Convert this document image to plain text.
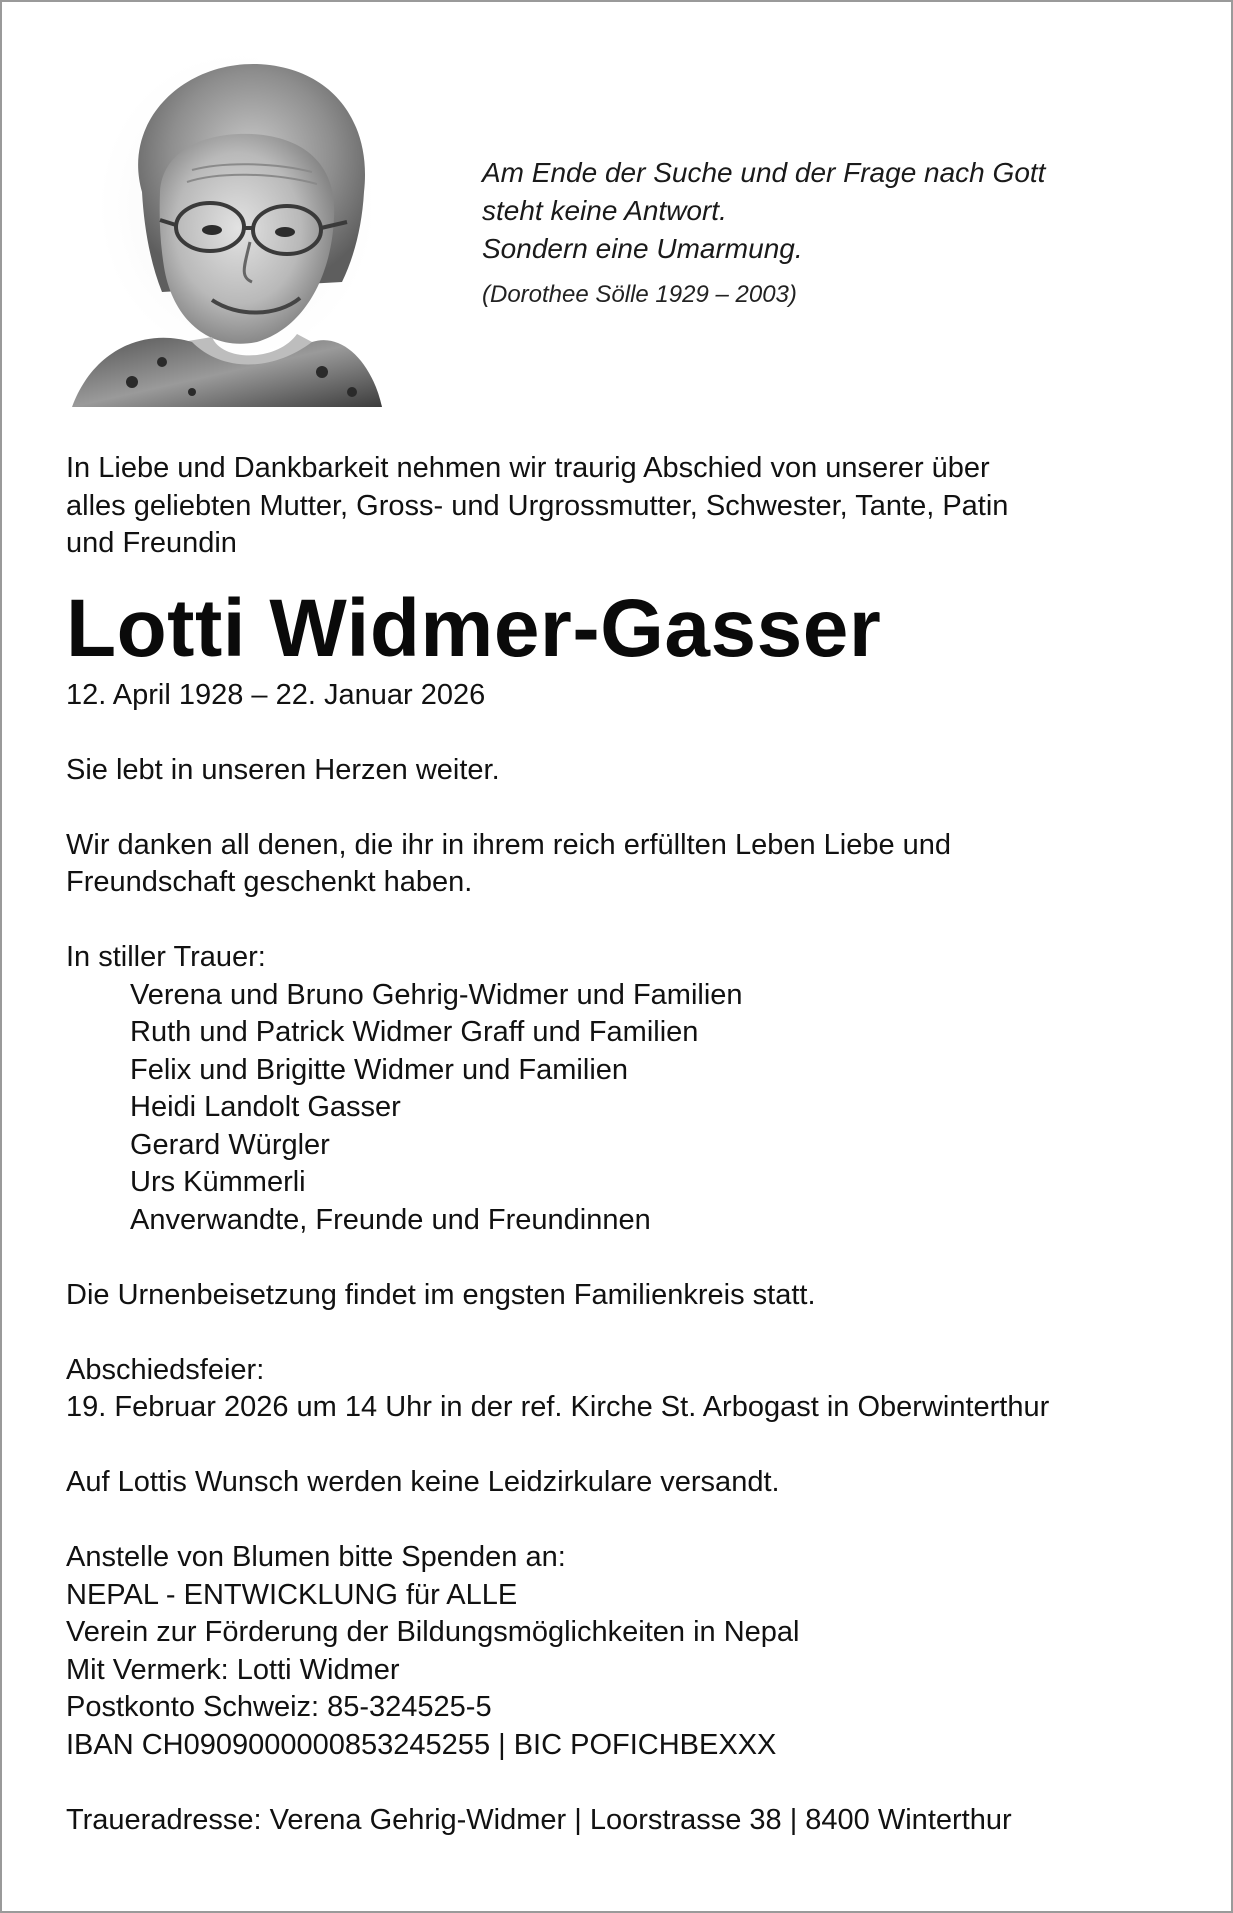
Am Ende der Suche und der Frage nach Gott
steht keine Antwort.
Sondern eine Umarmung.
(Dorothee Sölle 1929 – 2003)
In Liebe und Dankbarkeit nehmen wir traurig Abschied von unserer über
alles geliebten Mutter, Gross- und Urgrossmutter, Schwester, Tante, Patin
und Freundin
Lotti Widmer-Gasser
12. April 1928 – 22. Januar 2026
Sie lebt in unseren Herzen weiter.
Wir danken all denen, die ihr in ihrem reich erfüllten Leben Liebe und
Freundschaft geschenkt haben.
In stiller Trauer:
Verena und Bruno Gehrig-Widmer und Familien
Ruth und Patrick Widmer Graff und Familien
Felix und Brigitte Widmer und Familien
Heidi Landolt Gasser
Gerard Würgler
Urs Kümmerli
Anverwandte, Freunde und Freundinnen
Die Urnenbeisetzung findet im engsten Familienkreis statt.
Abschiedsfeier:
19. Februar 2026 um 14 Uhr in der ref. Kirche St. Arbogast in Oberwinterthur
Auf Lottis Wunsch werden keine Leidzirkulare versandt.
Anstelle von Blumen bitte Spenden an:
NEPAL - ENTWICKLUNG für ALLE
Verein zur Förderung der Bildungsmöglichkeiten in Nepal
Mit Vermerk: Lotti Widmer
Postkonto Schweiz: 85-324525-5
IBAN CH0909000000853245255 | BIC POFICHBEXXX
Traueradresse: Verena Gehrig-Widmer | Loorstrasse 38 | 8400 Winterthur
